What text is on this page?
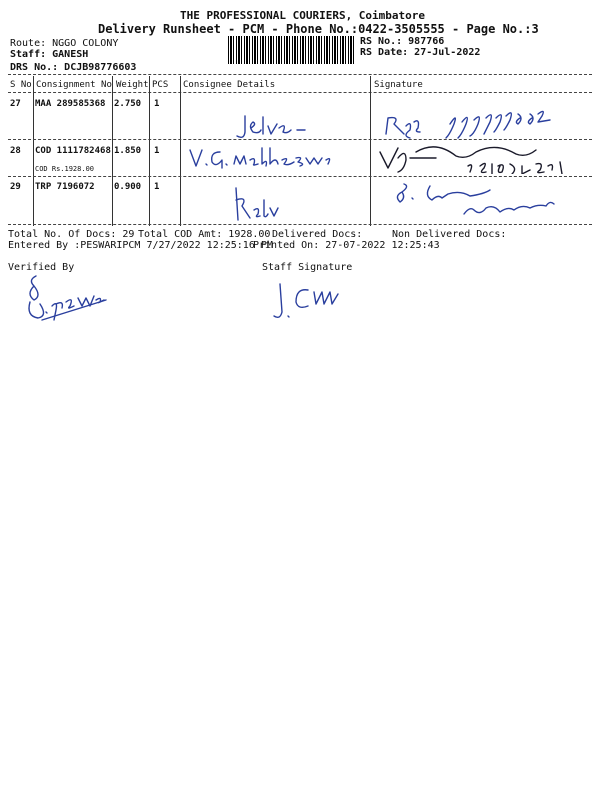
THE PROFESSIONAL COURIERS, Coimbatore
Delivery Runsheet - PCM - Phone No.:0422-3505555 - Page No.:3
Route: NGGO COLONY
Staff: GANESH
DRS No.: DCJB98776603
RS No.: 987766
RS Date: 27-Jul-2022
S No Consignment No Weight PCS Consignee Details	Signature
27 MAA 289585368 2.750 1
28 COD 1111782468 1.850 1
COD Rs.1928.00
29 TRP 7196072 0.900 1
Total No. Of Docs: 29 Total COD Amt: 1928.00 Delivered Docs:	Non Delivered Docs:
Entered By :PESWARIPCM 7/27/2022 12:25:16 PM
Printed On: 27-07-2022 12:25:43
Verified By	Staff Signature
